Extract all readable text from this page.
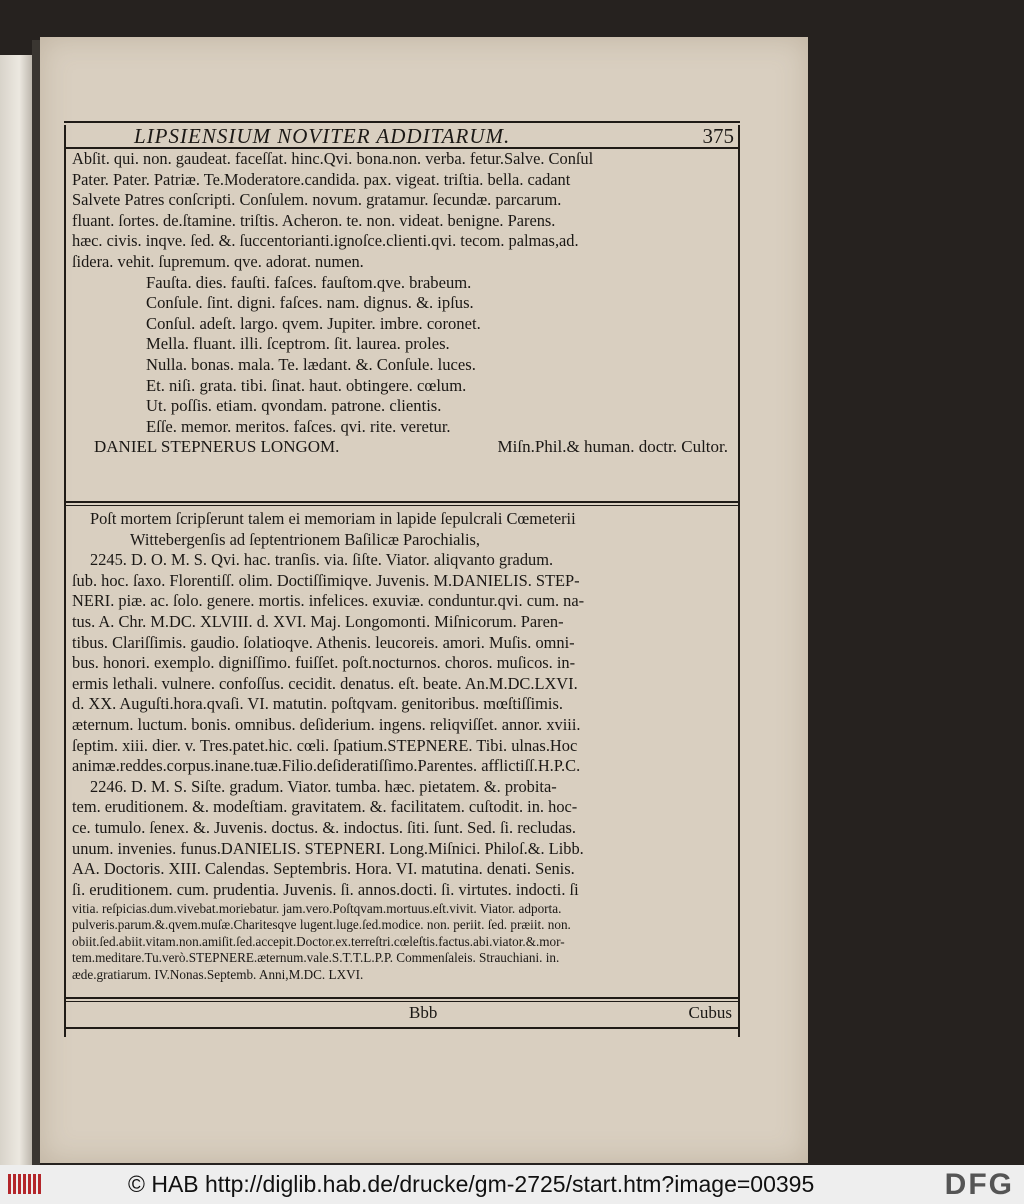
LIPSIENSIUM NOVITER ADDITARUM.	375
Abſit. qui. non. gaudeat. faceſſat. hinc.Qvi. bona.non. verba. fetur.Salve. Conſul
Pater. Pater. Patriæ. Te.Moderatore.candida. pax. vigeat. triſtia. bella. cadant
Salvete Patres conſcripti. Conſulem. novum. gratamur. ſecundæ. parcarum.
fluant. ſortes. de.ſtamine. triſtis. Acheron. te. non. videat. benigne. Parens.
hæc. civis. inqve. ſed. &. ſuccentorianti.ignoſce.clienti.qvi. tecom. palmas,ad.
ſidera. vehit. ſupremum. qve. adorat. numen.
Fauſta. dies. fauſti. faſces. fauſtom.qve. brabeum.
Conſule. ſint. digni. faſces. nam. dignus. &. ipſus.
Conſul. adeſt. largo. qvem. Jupiter. imbre. coronet.
Mella. fluant. illi. ſceptrom. ſit. laurea. proles.
Nulla. bonas. mala. Te. lædant. &. Conſule. luces.
Et. niſi. grata. tibi. ſinat. haut. obtingere. cœlum.
Ut. poſſis. etiam. qvondam. patrone. clientis.
Eſſe. memor. meritos. faſces. qvi. rite. veretur.
DANIEL STEPNERUS LONGOM.	Miſn.Phil.& human. doctr. Cultor.
Poſt mortem ſcripſerunt talem ei memoriam in lapide ſepulcrali Cœmeterii
Wittebergenſis ad ſeptentrionem Baſilicæ Parochialis,
2245. D. O. M. S. Qvi. hac. tranſis. via. ſiſte. Viator. aliqvanto gradum.
ſub. hoc. ſaxo. Florentiſſ. olim. Doctiſſimiqve. Juvenis. M.DANIELIS. STEP-
NERI. piæ. ac. ſolo. genere. mortis. infelices. exuviæ. conduntur.qvi. cum. na-
tus. A. Chr. M.DC. XLVIII. d. XVI. Maj. Longomonti. Miſnicorum. Paren-
tibus. Clariſſimis. gaudio. ſolatioqve. Athenis. leucoreis. amori. Muſis. omni-
bus. honori. exemplo. digniſſimo. fuiſſet. poſt.nocturnos. choros. muſicos. in-
ermis lethali. vulnere. confoſſus. cecidit. denatus. eſt. beate. An.M.DC.LXVI.
d. XX. Auguſti.hora.qvaſi. VI. matutin. poſtqvam. genitoribus. mœſtiſſimis.
æternum. luctum. bonis. omnibus. deſiderium. ingens. reliqviſſet. annor. xviii.
ſeptim. xiii. dier. v. Tres.patet.hic. cœli. ſpatium.STEPNERE. Tibi. ulnas.Hoc
animæ.reddes.corpus.inane.tuæ.Filio.deſideratiſſimo.Parentes. afflictiſſ.H.P.C.
2246. D. M. S. Siſte. gradum. Viator. tumba. hæc. pietatem. &. probita-
tem. eruditionem. &. modeſtiam. gravitatem. &. facilitatem. cuſtodit. in. hoc-
ce. tumulo. ſenex. &. Juvenis. doctus. &. indoctus. ſiti. ſunt. Sed. ſi. recludas.
unum. invenies. funus.DANIELIS. STEPNERI. Long.Miſnici. Philoſ.&. Libb.
AA. Doctoris. XIII. Calendas. Septembris. Hora. VI. matutina. denati. Senis.
ſi. eruditionem. cum. prudentia. Juvenis. ſi. annos.docti. ſi. virtutes. indocti. ſi
vitia. reſpicias.dum.vivebat.moriebatur. jam.vero.Poſtqvam.mortuus.eſt.vivit. Viator. adporta.
pulveris.parum.&.qvem.muſæ.Charitesqve lugent.luge.ſed.modice. non. periit. ſed. præiit. non.
obiit.ſed.abiit.vitam.non.amiſit.ſed.accepit.Doctor.ex.terreſtri.cœleſtis.factus.abi.viator.&.mor-
tem.meditare.Tu.verò.STEPNERE.æternum.vale.S.T.T.L.P.P. Commenſaleis. Strauchiani. in.
æde.gratiarum. IV.Nonas.Septemb. Anni,M.DC. LXVI.
Bbb	Cubus
© HAB http://diglib.hab.de/drucke/gm-2725/start.htm?image=00395	DFG
